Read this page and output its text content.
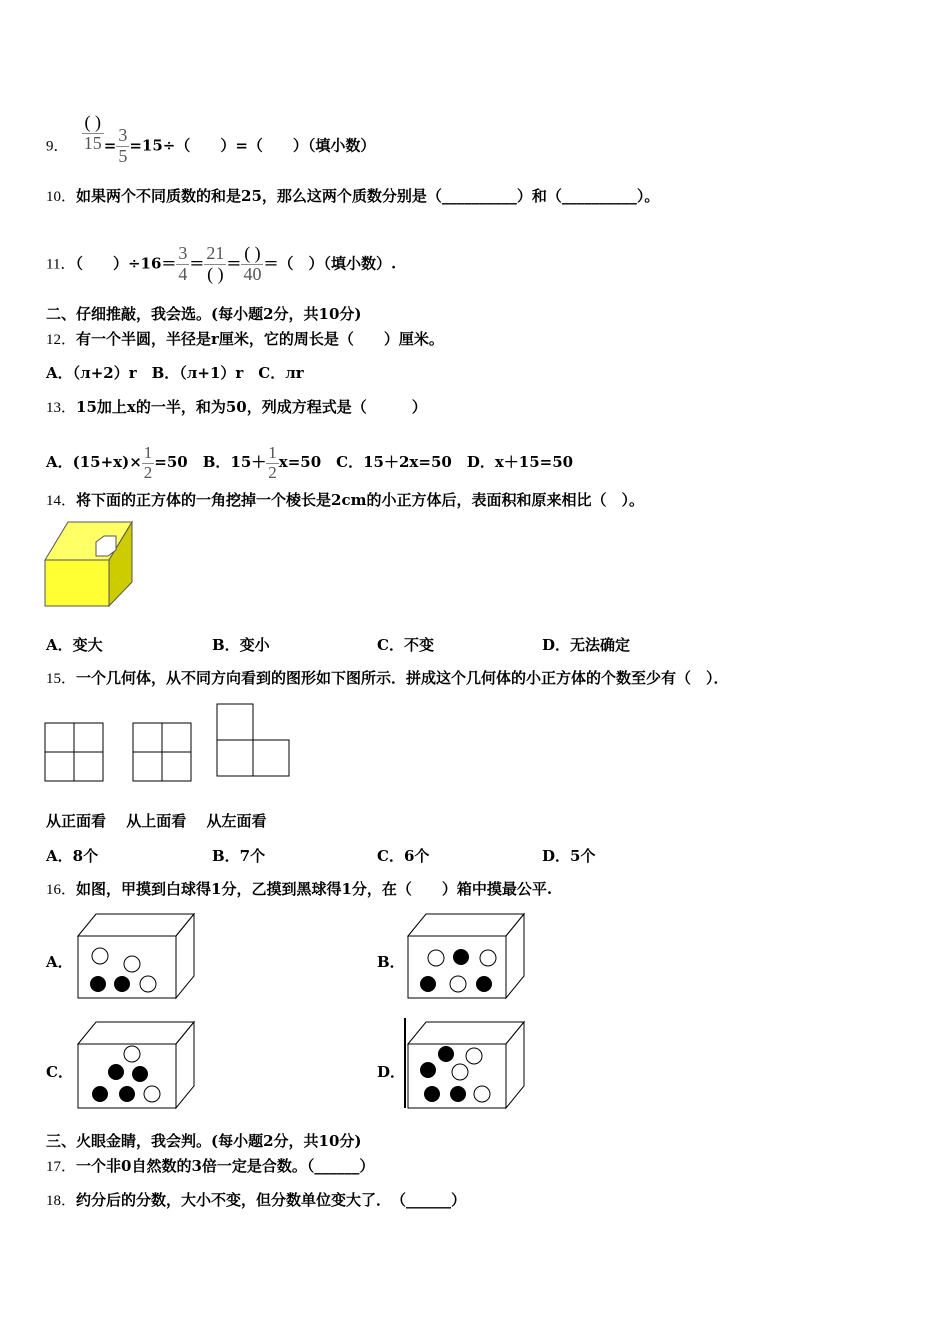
9． $\frac{( )}{15} = \frac{3}{5} =15\div$（　　）=（　　）（填小数）
10．如果两个不同质数的和是25，那么这两个质数分别是（__________）和（__________）。
11．（　　）$\div 16= \frac{3}{4} = \frac{21}{( )} = \frac{( )}{40}$ ＝（　）（填小数）.
二、仔细推敲，我会选。(每小题2分，共10分)
12．有一个半圆，半径是r厘米，它的周长是（　　）厘米。
A．（л+2）r　B．（л+1）r　C．лr
13．15加上x的一半，和为50，列成方程式是（　　　）
A．$(15+x)\times \frac{1}{2} =50$　B．$15+ \frac{1}{2} x=50$　C．15＋2x=50　D．x＋15=50
14．将下面的正方体的一角挖掉一个棱长是2cm的小正方体后，表面积和原来相比（　）。
A．变大	B．变小	C．不变	D．无法确定
15．一个几何体，从不同方向看到的图形如下图所示．拼成这个几何体的小正方体的个数至少有（　）．
从正面看　 从上面看　 从左面看
A．8个	B．7个	C．6个	D．5个
16．如图，甲摸到白球得1分，乙摸到黑球得1分，在（　　）箱中摸最公平.
A．	B．
C．	D．
三、火眼金睛，我会判。(每小题2分，共10分)
17．一个非0自然数的3倍一定是合数。（______）
18．约分后的分数，大小不变，但分数单位变大了．　（______）
